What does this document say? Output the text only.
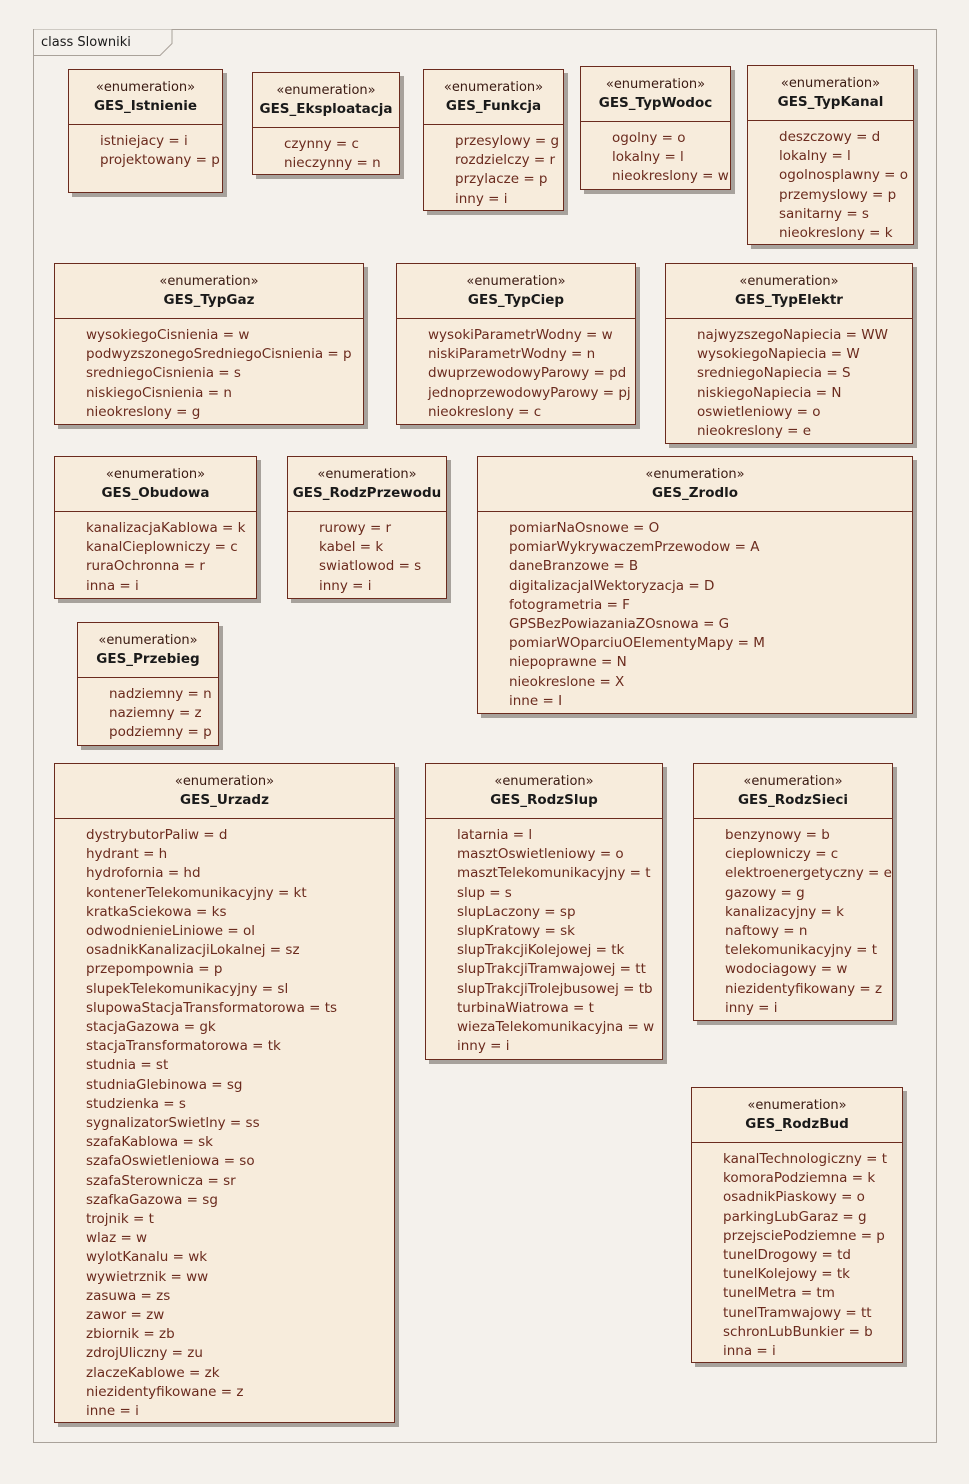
class Slowniki
«enumeration»
GES_Istnienie
istniejacy = i
projektowany = p
«enumeration»
GES_Eksploatacja
czynny = c
nieczynny = n
«enumeration»
GES_Funkcja
przesylowy = g
rozdzielczy = r
przylacze = p
inny = i
«enumeration»
GES_TypWodoc
ogolny = o
lokalny = l
nieokreslony = w
«enumeration»
GES_TypKanal
deszczowy = d
lokalny = l
ogolnosplawny = o
przemyslowy = p
sanitarny = s
nieokreslony = k
«enumeration»
GES_TypGaz
wysokiegoCisnienia = w
podwyzszonegoSredniegoCisnienia = p
sredniegoCisnienia = s
niskiegoCisnienia = n
nieokreslony = g
«enumeration»
GES_TypCiep
wysokiParametrWodny = w
niskiParametrWodny = n
dwuprzewodowyParowy = pd
jednoprzewodowyParowy = pj
nieokreslony = c
«enumeration»
GES_TypElektr
najwyzszegoNapiecia = WW
wysokiegoNapiecia = W
sredniegoNapiecia = S
niskiegoNapiecia = N
oswietleniowy = o
nieokreslony = e
«enumeration»
GES_Obudowa
kanalizacjaKablowa = k
kanalCieplowniczy = c
ruraOchronna = r
inna = i
«enumeration»
GES_RodzPrzewodu
rurowy = r
kabel = k
swiatlowod = s
inny = i
«enumeration»
GES_Zrodlo
pomiarNaOsnowe = O
pomiarWykrywaczemPrzewodow = A
daneBranzowe = B
digitalizacjaIWektoryzacja = D
fotogrametria = F
GPSBezPowiazaniaZOsnowa = G
pomiarWOparciuOElementyMapy = M
niepoprawne = N
nieokreslone = X
inne = I
«enumeration»
GES_Przebieg
nadziemny = n
naziemny = z
podziemny = p
«enumeration»
GES_Urzadz
dystrybutorPaliw = d
hydrant = h
hydrofornia = hd
kontenerTelekomunikacyjny = kt
kratkaSciekowa = ks
odwodnienieLiniowe = ol
osadnikKanalizacjiLokalnej = sz
przepompownia = p
slupekTelekomunikacyjny = sl
slupowaStacjaTransformatorowa = ts
stacjaGazowa = gk
stacjaTransformatorowa = tk
studnia = st
studniaGlebinowa = sg
studzienka = s
sygnalizatorSwietlny = ss
szafaKablowa = sk
szafaOswietleniowa = so
szafaSterownicza = sr
szafkaGazowa = sg
trojnik = t
wlaz = w
wylotKanalu = wk
wywietrznik = ww
zasuwa = zs
zawor = zw
zbiornik = zb
zdrojUliczny = zu
zlaczeKablowe = zk
niezidentyfikowane = z
inne = i
«enumeration»
GES_RodzSlup
latarnia = l
masztOswietleniowy = o
masztTelekomunikacyjny = t
slup = s
slupLaczony = sp
slupKratowy = sk
slupTrakcjiKolejowej = tk
slupTrakcjiTramwajowej = tt
slupTrakcjiTrolejbusowej = tb
turbinaWiatrowa = t
wiezaTelekomunikacyjna = w
inny = i
«enumeration»
GES_RodzSieci
benzynowy = b
cieplowniczy = c
elektroenergetyczny = e
gazowy = g
kanalizacyjny = k
naftowy = n
telekomunikacyjny = t
wodociagowy = w
niezidentyfikowany = z
inny = i
«enumeration»
GES_RodzBud
kanalTechnologiczny = t
komoraPodziemna = k
osadnikPiaskowy = o
parkingLubGaraz = g
przejsciePodziemne = p
tunelDrogowy = td
tunelKolejowy = tk
tunelMetra = tm
tunelTramwajowy = tt
schronLubBunkier = b
inna = i
